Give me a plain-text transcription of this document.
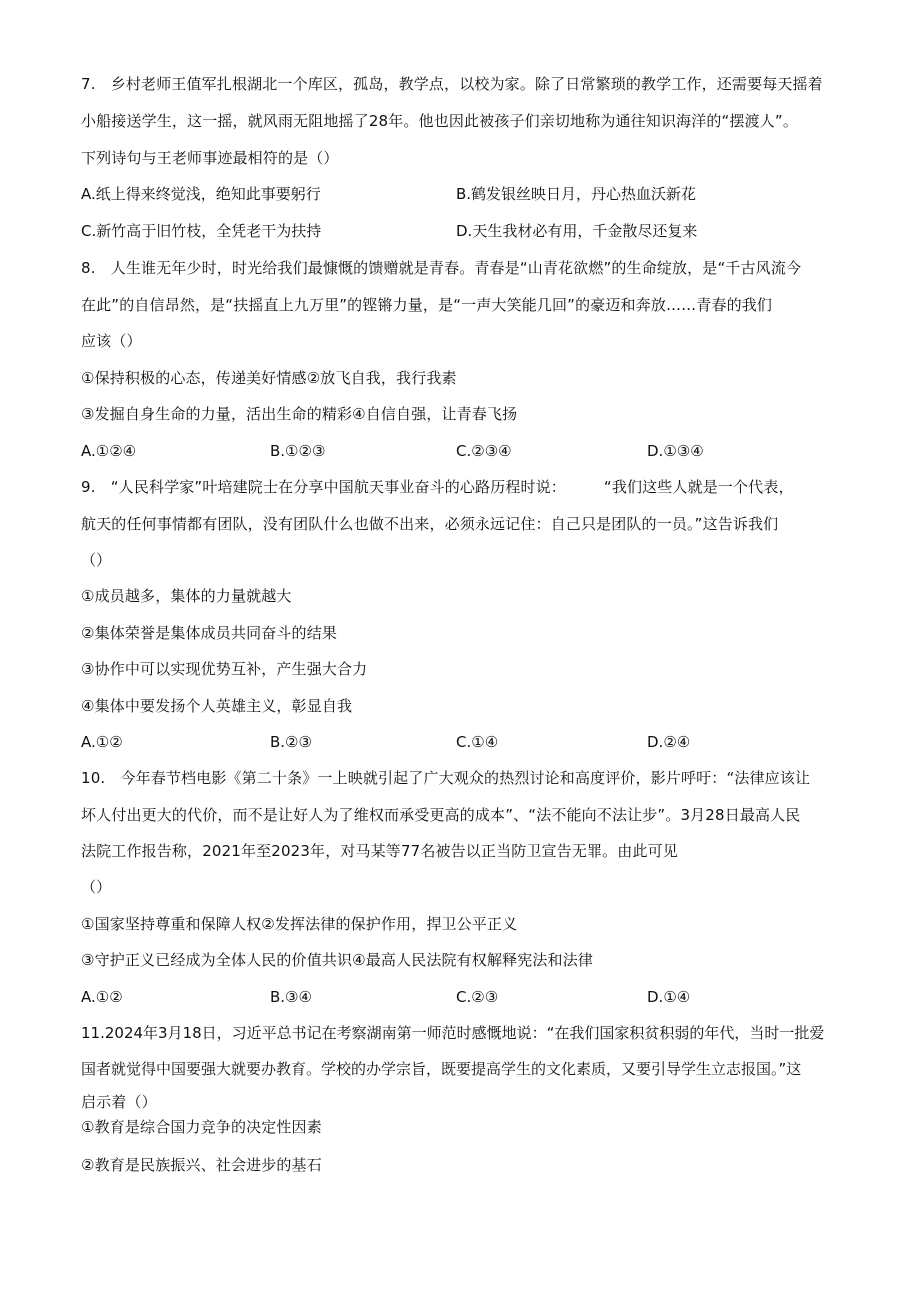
7.　乡村老师王值军扎根湖北一个库区，孤岛，教学点，以校为家。除了日常繁琐的教学工作，还需要每天摇着
小船接送学生，这一摇，就风雨无阻地摇了28年。他也因此被孩子们亲切地称为通往知识海洋的“摆渡人”。
下列诗句与王老师事迹最相符的是（）
A.纸上得来终觉浅，绝知此事要躬行	B.鹤发银丝映日月，丹心热血沃新花
C.新竹高于旧竹枝，全凭老干为扶持	D.天生我材必有用，千金散尽还复来
8.　人生谁无年少时，时光给我们最慷慨的馈赠就是青春。青春是“山青花欲燃”的生命绽放，是“千古风流今
在此”的自信昂然，是“扶摇直上九万里”的铿锵力量，是“一声大笑能几回”的豪迈和奔放……青春的我们
应该（）
①保持积极的心态，传递美好情感②放飞自我，我行我素
③发掘自身生命的力量，活出生命的精彩④自信自强，让青春飞扬
A.①②④	B.①②③	C.②③④	D.①③④
9.　“人民科学家”叶培建院士在分享中国航天事业奋斗的心路历程时说：　　　“我们这些人就是一个代表，
航天的任何事情都有团队，没有团队什么也做不出来，必须永远记住：自己只是团队的一员。”这告诉我们
（）
①成员越多，集体的力量就越大
②集体荣誉是集体成员共同奋斗的结果
③协作中可以实现优势互补，产生强大合力
④集体中要发扬个人英雄主义，彰显自我
A.①②	B.②③	C.①④	D.②④
10.　今年春节档电影《第二十条》一上映就引起了广大观众的热烈讨论和高度评价，影片呼吁：“法律应该让
坏人付出更大的代价，而不是让好人为了维权而承受更高的成本”、“法不能向不法让步”。3月28日最高人民
法院工作报告称，2021年至2023年，对马某等77名被告以正当防卫宣告无罪。由此可见
（）
①国家坚持尊重和保障人权②发挥法律的保护作用，捍卫公平正义
③守护正义已经成为全体人民的价值共识④最高人民法院有权解释宪法和法律
A.①②	B.③④	C.②③	D.①④
11.2024年3月18日，习近平总书记在考察湖南第一师范时感慨地说：“在我们国家积贫积弱的年代，当时一批爱
国者就觉得中国要强大就要办教育。学校的办学宗旨，既要提高学生的文化素质，又要引导学生立志报国。”这
启示着（）
①教育是综合国力竞争的决定性因素
②教育是民族振兴、社会进步的基石
